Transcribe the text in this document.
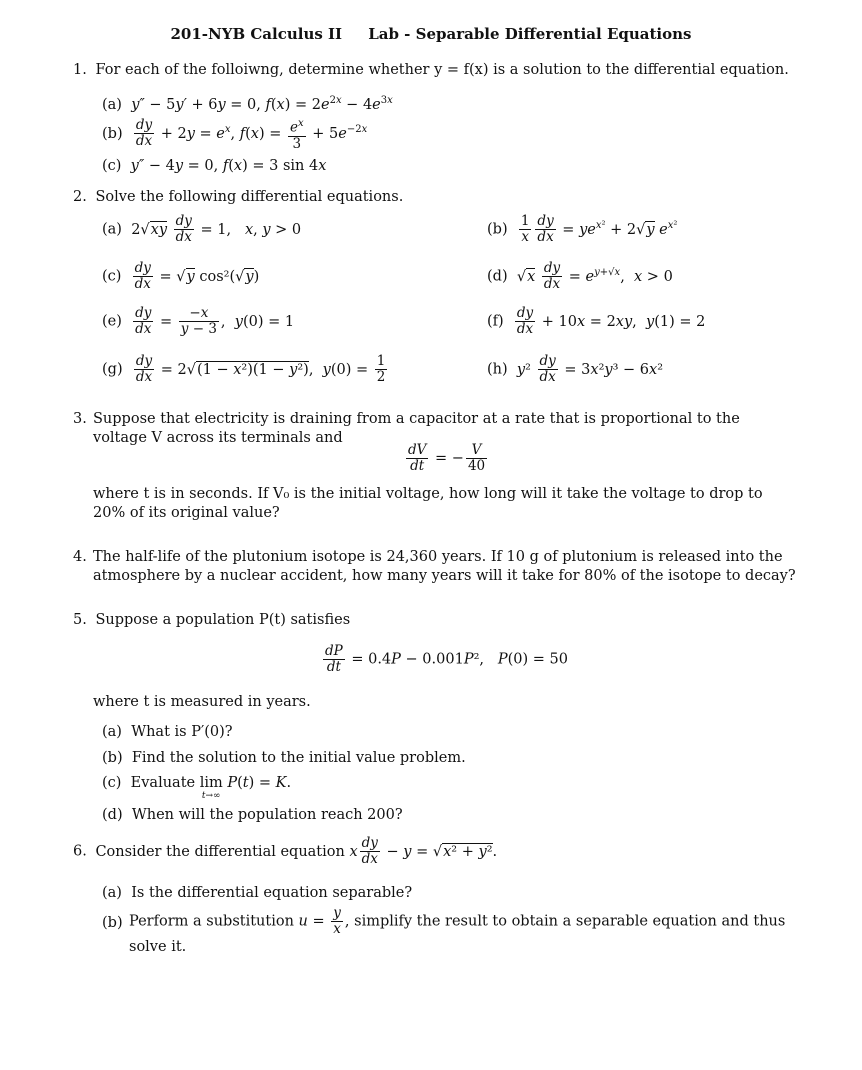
201-NYB Calculus II Lab - Separable Differential Equations
1. For each of the folloiwng, determine whether y = f(x) is a solution to the differential equation.
(a) y″ − 5y′ + 6y = 0, $f(x) = 2e^{2x} - 4e^{3x}$
$(b) \frac{dy}{dx} + 2y = e^x$, $f(x) = \frac{e^x}{3} + 5e^{-2x}$
(c) y″ − 4y = 0, f(x) = 3 sin 4x
2. Solve the following differential equations.
(a) $2√xy \frac{dy}{dx} = 1$,   x, y > 0	$(b) \frac{1}{x} \frac{dy}{dx} = ye^{x^2} + 2√y$ $e^{x^2}$
$(c) \frac{dy}{dx} = √y$ cos²(√y)	(d) $√x \frac{dy}{dx} = e^{y+√x}$,  x > 0
$(e) \frac{dy}{dx} = \frac{-x}{y - 3}$ ,  y(0) = 1	$(f) \frac{dy}{dx} + 10x = 2xy$,  y(1) = 2
$(g) \frac{dy}{dx} = 2√(1 - x^2)(1 - y^2)$,  $y(0) = \frac{1}{2}$	(h) $y^2 \frac{dy}{dx} = 3x^2y^3 - 6x^2$
3. Suppose that electricity is draining from a capacitor at a rate that is proportional to the voltage V across its terminals and
$\frac{dV}{dt}$ = − $\frac{V}{40}$
where t is in seconds. If V₀ is the initial voltage, how long will it take the voltage to drop to 20% of its original value?
4. The half-life of the plutonium isotope is 24,360 years. If 10 g of plutonium is released into the atmosphere by a nuclear accident, how many years will it take for 80% of the isotope to decay?
5. Suppose a population P(t) satisfies
$\frac{dP}{dt} = 0.4P - 0.001P^2$,   P(0) = 50
where t is measured in years.
(a) What is P′(0)?
(b) Find the solution to the initial value problem.
(c) Evaluate lim
t→∞
P(t) = K.
(d) When will the population reach 200?
6. Consider the differential equation x $\frac{dy}{dx} - y = √x^2 + y^2$.
(a) Is the differential equation separable?
(b) Perform a substitution $u = \frac{y}{x}$ , simplify the result to obtain a separable equation and thus solve it.
